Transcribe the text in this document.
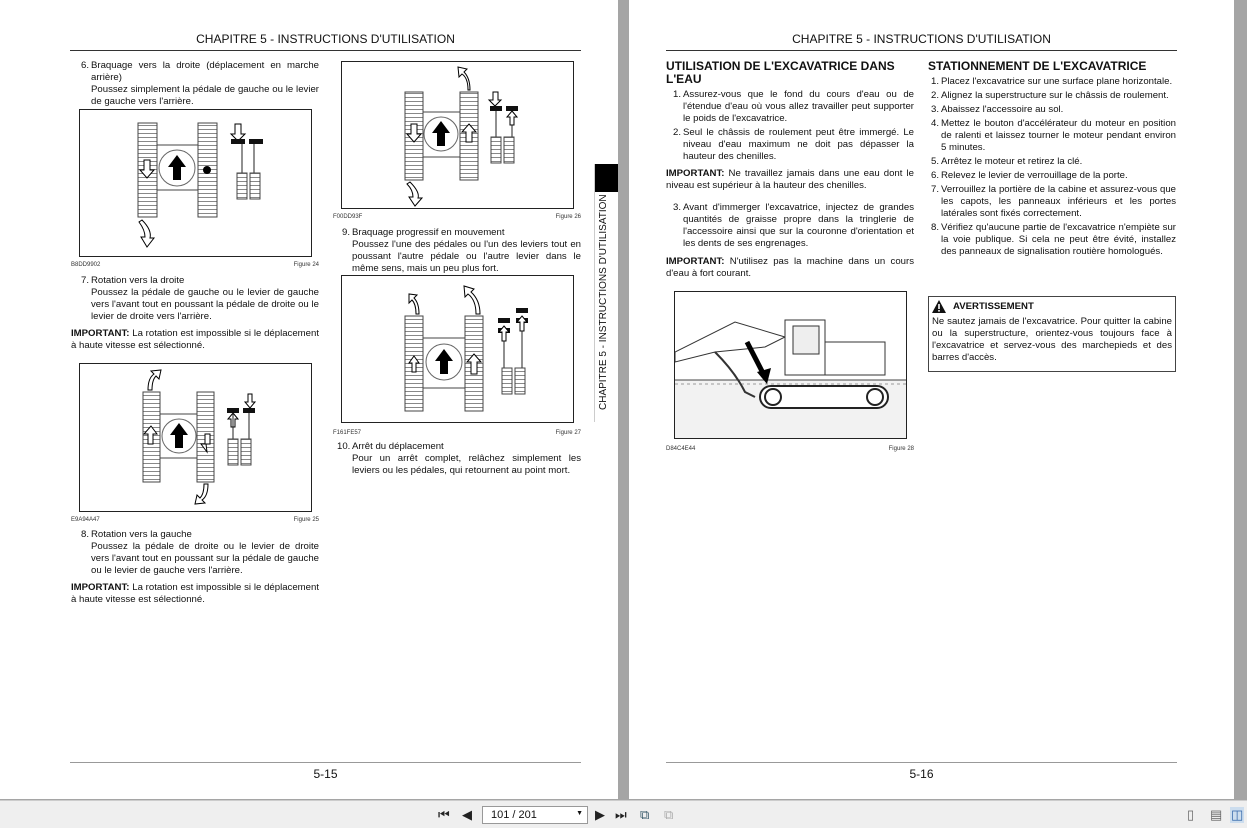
CHAPITRE 5 - INSTRUCTIONS D'UTILISATION
6. Braquage vers la droite (déplacement en marche arrière)
Poussez simplement la pédale de gauche ou le levier de gauche vers l'arrière.
B8DD9902	Figure 24
7. Rotation vers la droite
Poussez la pédale de gauche ou le levier de gauche vers l'avant tout en poussant la pédale de droite ou le levier de droite vers l'arrière.
IMPORTANT: La rotation est impossible si le déplacement à haute vitesse est sélectionné.
E9A94A47	Figure 25
8. Rotation vers la gauche
Poussez la pédale de droite ou le levier de droite vers l'avant tout en poussant sur la pédale de gauche ou le levier de gauche vers l'arrière.
IMPORTANT: La rotation est impossible si le déplacement à haute vitesse est sélectionné.
F00DD93F	Figure 26
9. Braquage progressif en mouvement
Poussez l'une des pédales ou l'un des leviers tout en poussant l'autre pédale ou l'autre levier dans le même sens, mais un peu plus fort.
F161FE57	Figure 27
10. Arrêt du déplacement
Pour un arrêt complet, relâchez simplement les leviers ou les pédales, qui retournent au point mort.
5-15
CHAPITRE 5 - INSTRUCTIONS D'UTILISATION
CHAPITRE 5 - INSTRUCTIONS D'UTILISATION
UTILISATION DE L'EXCAVATRICE DANS L'EAU
1. Assurez-vous que le fond du cours d'eau ou de l'étendue d'eau où vous allez travailler peut supporter le poids de l'excavatrice.
2. Seul le châssis de roulement peut être immergé. Le niveau d'eau maximum ne doit pas dépasser la hauteur des chenilles.
IMPORTANT: Ne travaillez jamais dans une eau dont le niveau est supérieur à la hauteur des chenilles.
3. Avant d'immerger l'excavatrice, injectez de grandes quantités de graisse propre dans la tringlerie de l'accessoire ainsi que sur la couronne d'orientation et les dents de ses engrenages.
IMPORTANT: N'utilisez pas la machine dans un cours d'eau à fort courant.
D84C4E44	Figure 28
STATIONNEMENT DE L'EXCAVATRICE
1. Placez l'excavatrice sur une surface plane horizontale.
2. Alignez la superstructure sur le châssis de roulement.
3. Abaissez l'accessoire au sol.
4. Mettez le bouton d'accélérateur du moteur en position de ralenti et laissez tourner le moteur pendant environ 5 minutes.
5. Arrêtez le moteur et retirez la clé.
6. Relevez le levier de verrouillage de la porte.
7. Verrouillez la portière de la cabine et assurez-vous que les capots, les panneaux inférieurs et les portes latérales sont fixés correctement.
8. Vérifiez qu'aucune partie de l'excavatrice n'empiète sur la voie publique. Si cela ne peut être évité, installez des panneaux de signalisation routière homologués.
5-16
AVERTISSEMENT
Ne sautez jamais de l'excavatrice. Pour quitter la cabine ou la superstructure, orientez-vous toujours face à l'excavatrice et servez-vous des marchepieds et des barres d'accès.
⏮ ◀	101 / 201	▼ ▶ ⏭ ⧉ ⧉	▯ ▤ ◫
